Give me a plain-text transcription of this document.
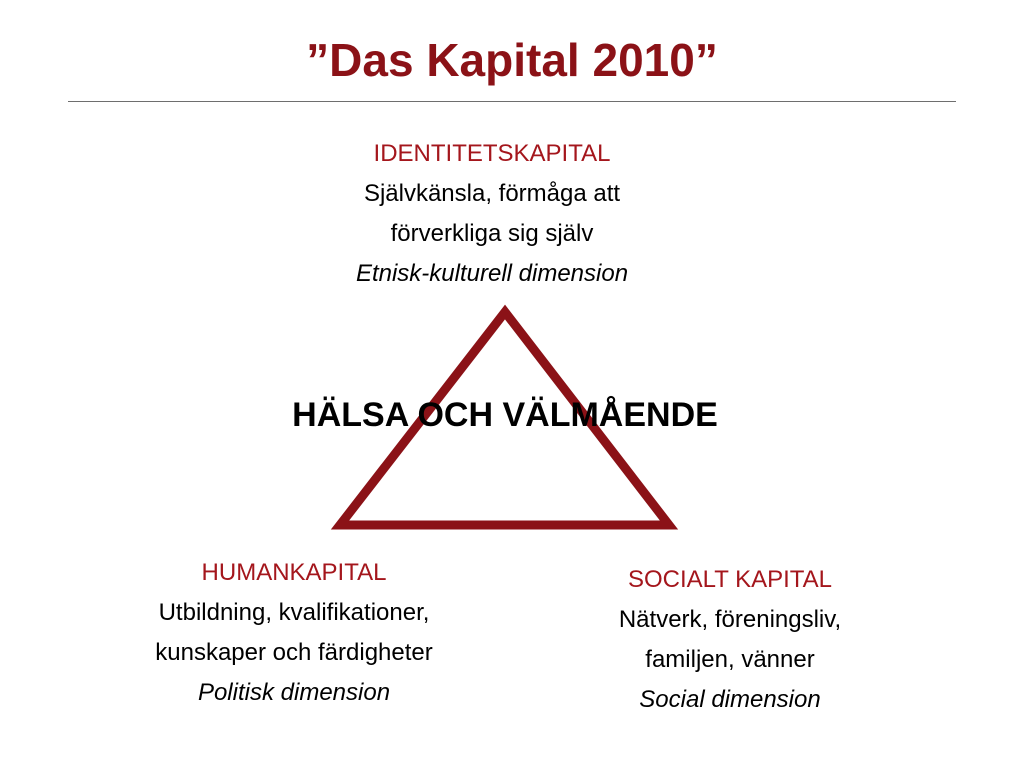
”Das Kapital 2010”
IDENTITETSKAPITAL
Självkänsla, förmåga att
förverkliga sig själv
Etnisk-kulturell dimension
HÄLSA OCH VÄLMÅENDE
HUMANKAPITAL
Utbildning, kvalifikationer,
kunskaper och färdigheter
Politisk dimension
SOCIALT KAPITAL
Nätverk, föreningsliv,
familjen, vänner
Social dimension
